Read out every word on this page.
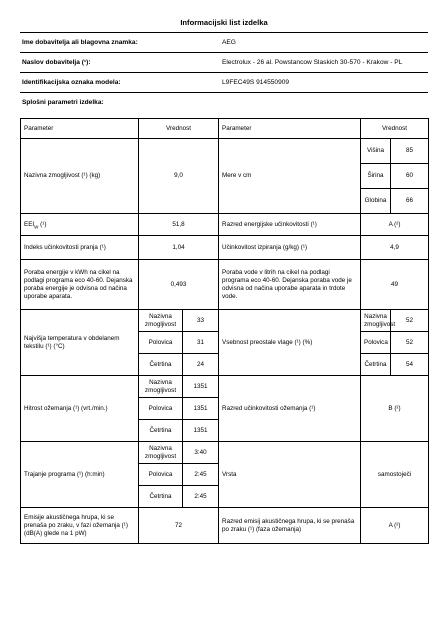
Informacijski list izdelka
Ime dobavitelja ali blagovna znamka:	AEG
Naslov dobavitelja (¹):	Electrolux - 26 al. Powstancow Slaskich 30-570 - Krakow - PL
Identifikacijska oznaka modela:	L9FEC49S 914550909
Splošni parametri izdelka:
Parameter	Vrednost		Parameter	Vrednost	
Nazivna zmogljivost (¹) (kg)	9,0		Mere v cm	Višina	85
				Širina	60
				Globina	66
$EEI_W$ (¹)	51,8		Razred energijske učinkovitosti (¹)	A (²)	
Indeks učinkovitosti pranja (¹)	1,04		Učinkovitost izpiranja (g/kg) (¹)	4,9	
Poraba energije v kWh na cikel na podlagi programa eco 40-60. Dejanska poraba energije je odvisna od načina uporabe aparata.	0,493		Poraba vode v litrih na cikel na podlagi programa eco 40-60. Dejanska poraba vode je odvisna od načina uporabe aparata in trdote vode.	49	
Najvišja temperatura v obdelanem tekstilu (¹) (°C)	Nazivna zmogljivost	33	Vsebnost preostale vlage (¹) (%)	Nazivna zmogljivost	52
	Polovica	31		Polovica	52
	Četrtina	24		Četrtina	54
Hitrost ožemanja (¹) (vrt./min.)	Nazivna zmogljivost	1351	Razred učinkovitosti ožemanja (¹)	B (²)	
	Polovica	1351			
	Četrtina	1351			
Trajanje programa (¹) (h:min)	Nazivna zmogljivost	3:40	Vrsta	samostoječi	
	Polovica	2:45			
	Četrtina	2:45			
Emisije akustičnega hrupa, ki se prenaša po zraku, v fazi ožemanja (¹) (dB(A) glede na 1 pW)	72		Razred emisij akustičnega hrupa, ki se prenaša po zraku (¹) (faza ožemanja)	A (²)	
